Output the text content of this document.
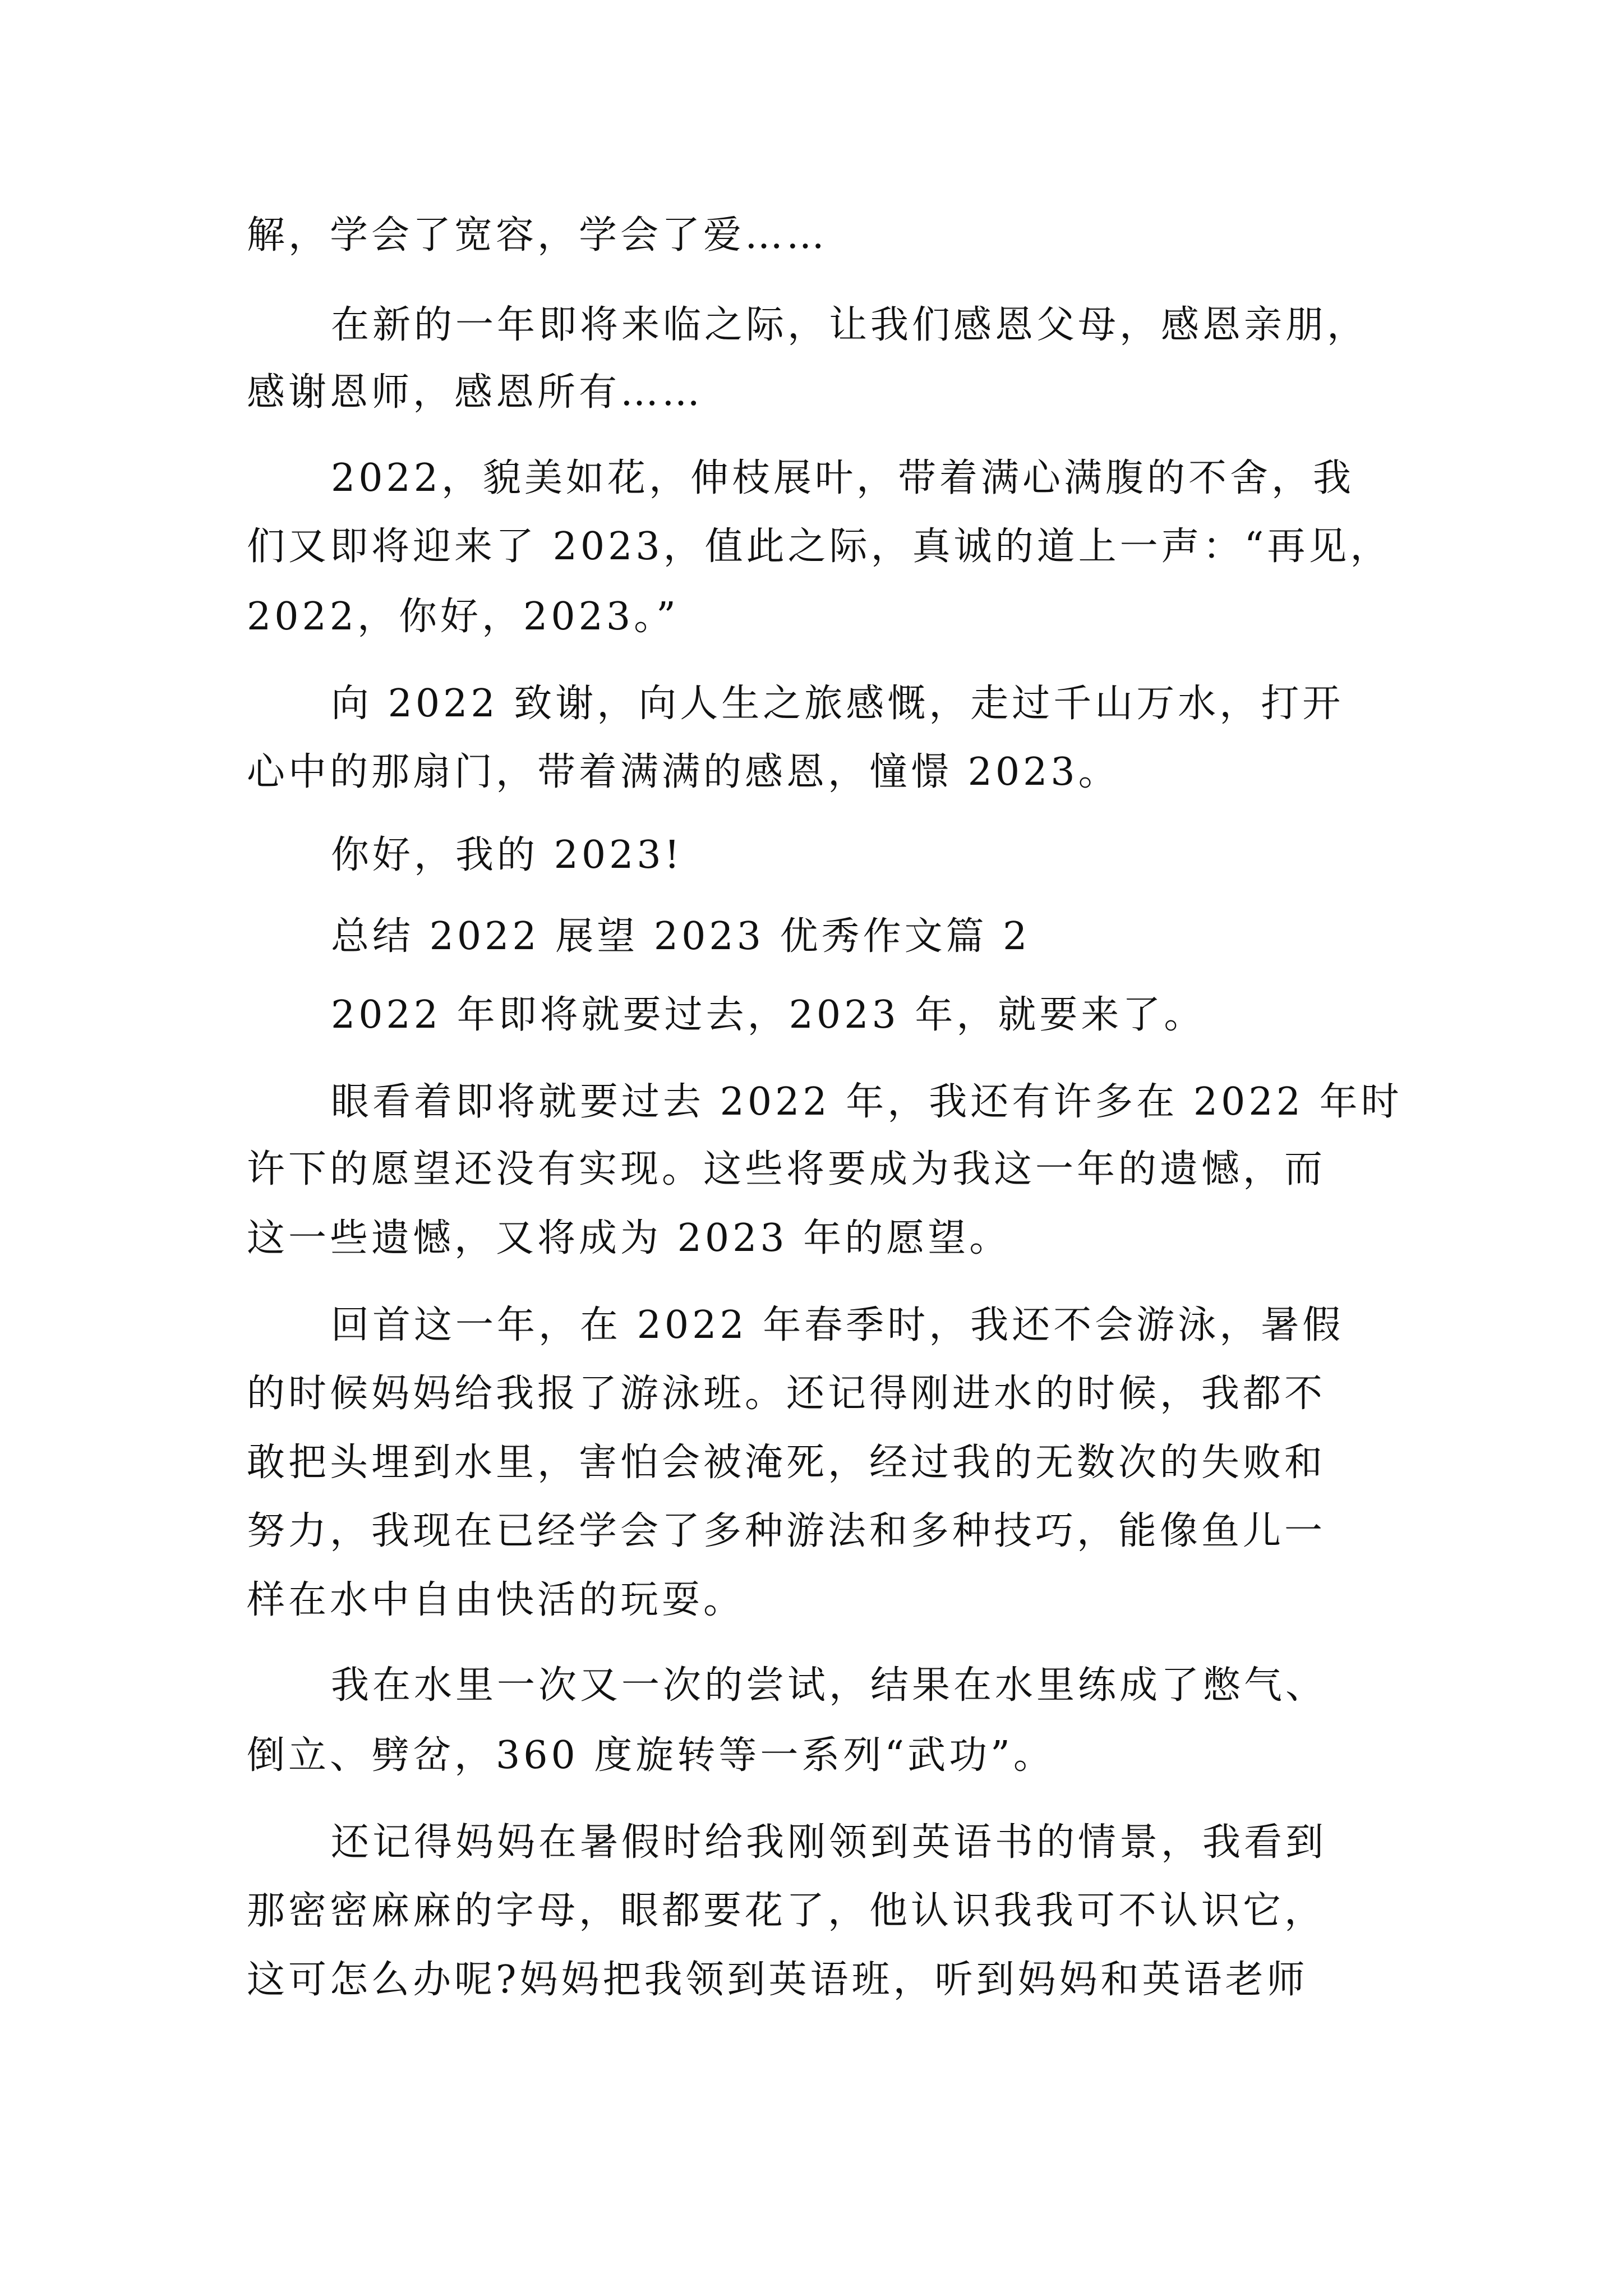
解，学会了宽容，学会了爱……
在新的一年即将来临之际，让我们感恩父母，感恩亲朋，
感谢恩师，感恩所有……
2022，貌美如花，伸枝展叶，带着满心满腹的不舍，我
们又即将迎来了 2023，值此之际，真诚的道上一声：“再见，
2022，你好，2023。”
向 2022 致谢，向人生之旅感慨，走过千山万水，打开
心中的那扇门，带着满满的感恩，憧憬 2023。
你好，我的 2023!
总结 2022 展望 2023 优秀作文篇 2
2022 年即将就要过去，2023 年，就要来了。
眼看着即将就要过去 2022 年，我还有许多在 2022 年时
许下的愿望还没有实现。这些将要成为我这一年的遗憾，而
这一些遗憾，又将成为 2023 年的愿望。
回首这一年，在 2022 年春季时，我还不会游泳，暑假
的时候妈妈给我报了游泳班。还记得刚进水的时候，我都不
敢把头埋到水里，害怕会被淹死，经过我的无数次的失败和
努力，我现在已经学会了多种游法和多种技巧，能像鱼儿一
样在水中自由快活的玩耍。
我在水里一次又一次的尝试，结果在水里练成了憋气、
倒立、劈岔，360 度旋转等一系列“武功”。
还记得妈妈在暑假时给我刚领到英语书的情景，我看到
那密密麻麻的字母，眼都要花了，他认识我我可不认识它，
这可怎么办呢?妈妈把我领到英语班，听到妈妈和英语老师
